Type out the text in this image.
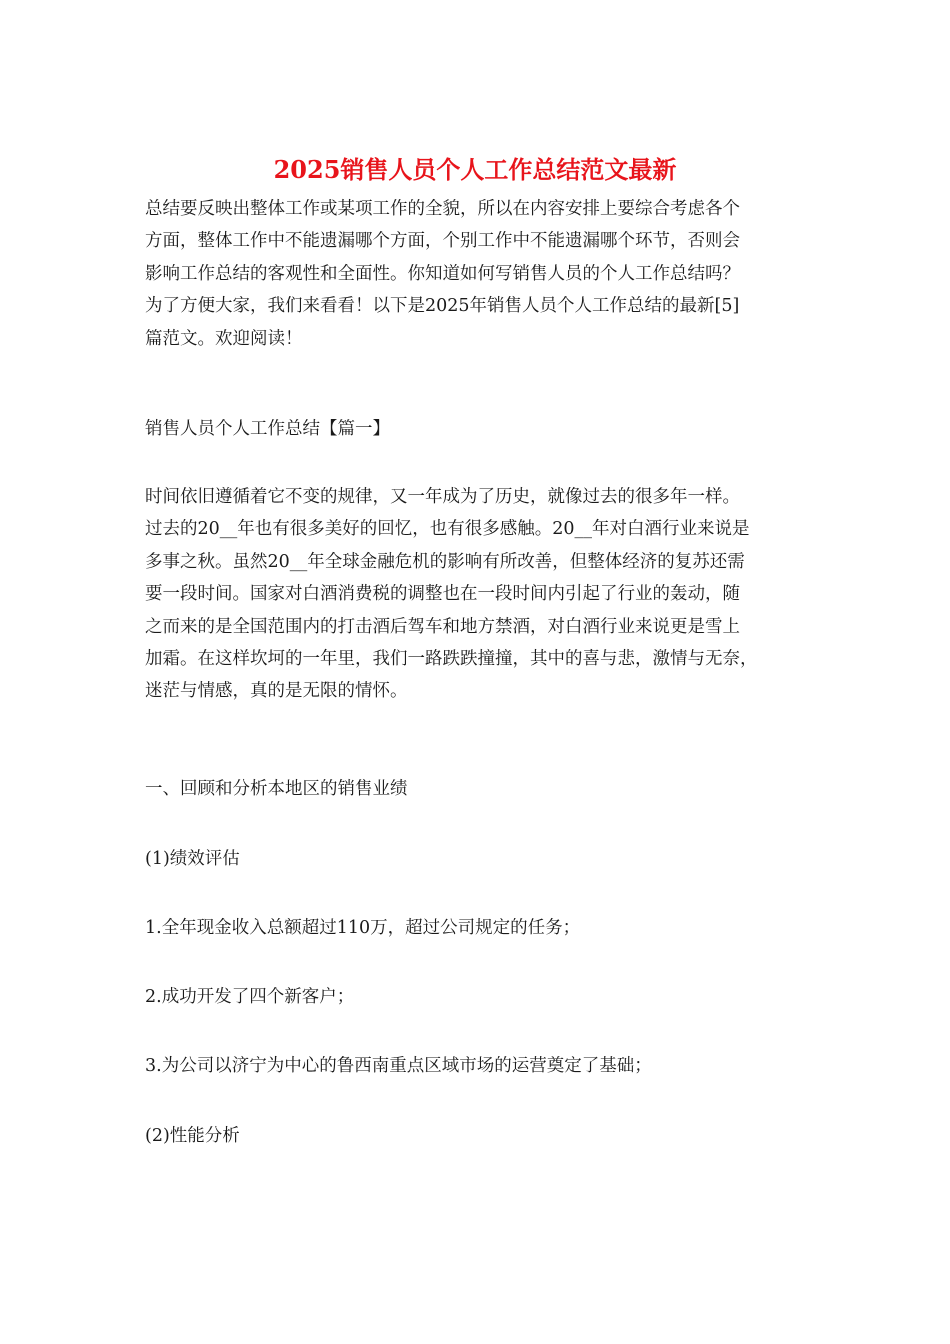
2025销售人员个人工作总结范文最新

总结要反映出整体工作或某项工作的全貌，所以在内容安排上要综合考虑各个
方面，整体工作中不能遗漏哪个方面，个别工作中不能遗漏哪个环节，否则会
影响工作总结的客观性和全面性。你知道如何写销售人员的个人工作总结吗？
为了方便大家，我们来看看！以下是2025年销售人员个人工作总结的最新[5]
篇范文。欢迎阅读！

销售人员个人工作总结【篇一】

时间依旧遵循着它不变的规律，又一年成为了历史，就像过去的很多年一样。
过去的20__年也有很多美好的回忆，也有很多感触。20__年对白酒行业来说是
多事之秋。虽然20__年全球金融危机的影响有所改善，但整体经济的复苏还需
要一段时间。国家对白酒消费税的调整也在一段时间内引起了行业的轰动，随
之而来的是全国范围内的打击酒后驾车和地方禁酒，对白酒行业来说更是雪上
加霜。在这样坎坷的一年里，我们一路跌跌撞撞，其中的喜与悲，激情与无奈，
迷茫与情感，真的是无限的情怀。

一、回顾和分析本地区的销售业绩

(1)绩效评估

1.全年现金收入总额超过110万，超过公司规定的任务；

2.成功开发了四个新客户；

3.为公司以济宁为中心的鲁西南重点区域市场的运营奠定了基础；

(2)性能分析
